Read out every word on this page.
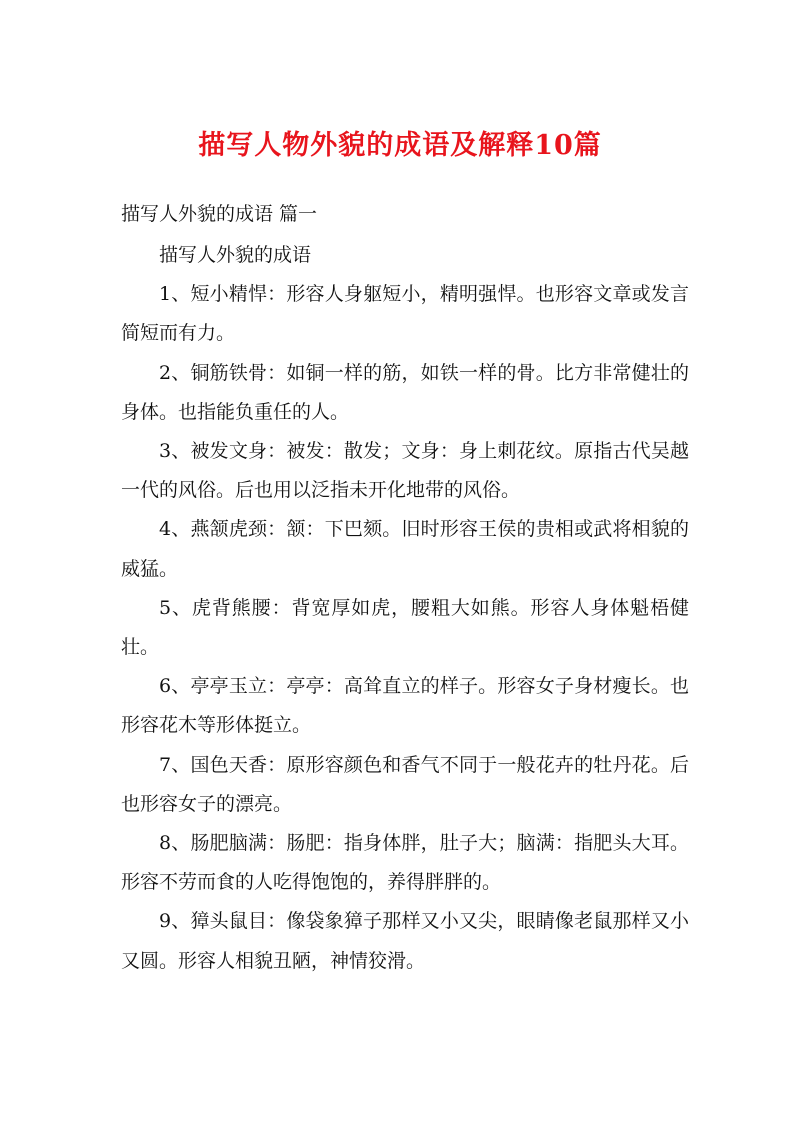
描写人物外貌的成语及解释10篇
描写人外貌的成语 篇一

描写人外貌的成语

1、短小精悍：形容人身躯短小，精明强悍。也形容文章或发言简短而有力。

2、铜筋铁骨：如铜一样的筋，如铁一样的骨。比方非常健壮的身体。也指能负重任的人。

3、被发文身：被发：散发；文身：身上刺花纹。原指古代吴越一代的风俗。后也用以泛指未开化地带的风俗。

4、燕颔虎颈：颔：下巴颏。旧时形容王侯的贵相或武将相貌的威猛。

5、虎背熊腰：背宽厚如虎，腰粗大如熊。形容人身体魁梧健壮。

6、亭亭玉立：亭亭：高耸直立的样子。形容女子身材瘦长。也形容花木等形体挺立。

7、国色天香：原形容颜色和香气不同于一般花卉的牡丹花。后也形容女子的漂亮。

8、肠肥脑满：肠肥：指身体胖，肚子大；脑满：指肥头大耳。形容不劳而食的人吃得饱饱的，养得胖胖的。

9、獐头鼠目：像袋象獐子那样又小又尖，眼睛像老鼠那样又小又圆。形容人相貌丑陋，神情狡滑。
